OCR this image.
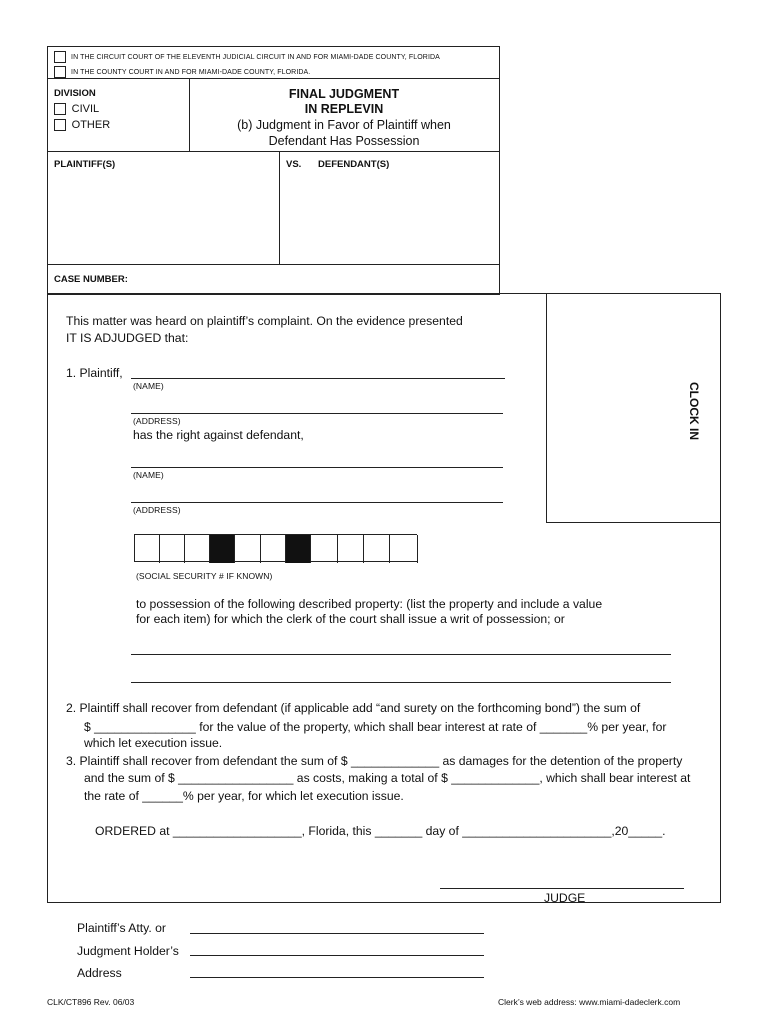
IN THE CIRCUIT COURT OF THE ELEVENTH JUDICIAL CIRCUIT IN AND FOR MIAMI-DADE COUNTY, FLORIDA
IN THE COUNTY COURT IN AND FOR MIAMI-DADE COUNTY, FLORIDA.
DIVISION
CIVIL
OTHER
FINAL JUDGMENT
IN REPLEVIN
(b) Judgment in Favor of Plaintiff when
Defendant Has Possession
PLAINTIFF(S)	VS. DEFENDANT(S)
CASE NUMBER:
CLOCK IN
This matter was heard on plaintiff’s complaint. On the evidence presented
IT IS ADJUDGED that:
1. Plaintiff,
(NAME)
(ADDRESS)
has the right against defendant,
(NAME)
(ADDRESS)
(SOCIAL SECURITY # IF KNOWN)
to possession of the following described property: (list the property and include a value
for each item) for which the clerk of the court shall issue a writ of possession; or
2. Plaintiff shall recover from defendant (if applicable add “and surety on the forthcoming bond”) the sum of
$ _______________ for the value of the property, which shall bear interest at rate of _______% per year, for
which let execution issue.
3. Plaintiff shall recover from defendant the sum of $ _____________ as damages for the detention of the property
and the sum of $ _________________ as costs, making a total of $ _____________, which shall bear interest at
the rate of ______% per year, for which let execution issue.
ORDERED at ___________________, Florida, this _______ day of ______________________,20_____.
JUDGE
Plaintiff’s Atty. or
Judgment Holder’s
Address
CLK/CT896 Rev. 06/03	Clerk’s web address: www.miami-dadeclerk.com
